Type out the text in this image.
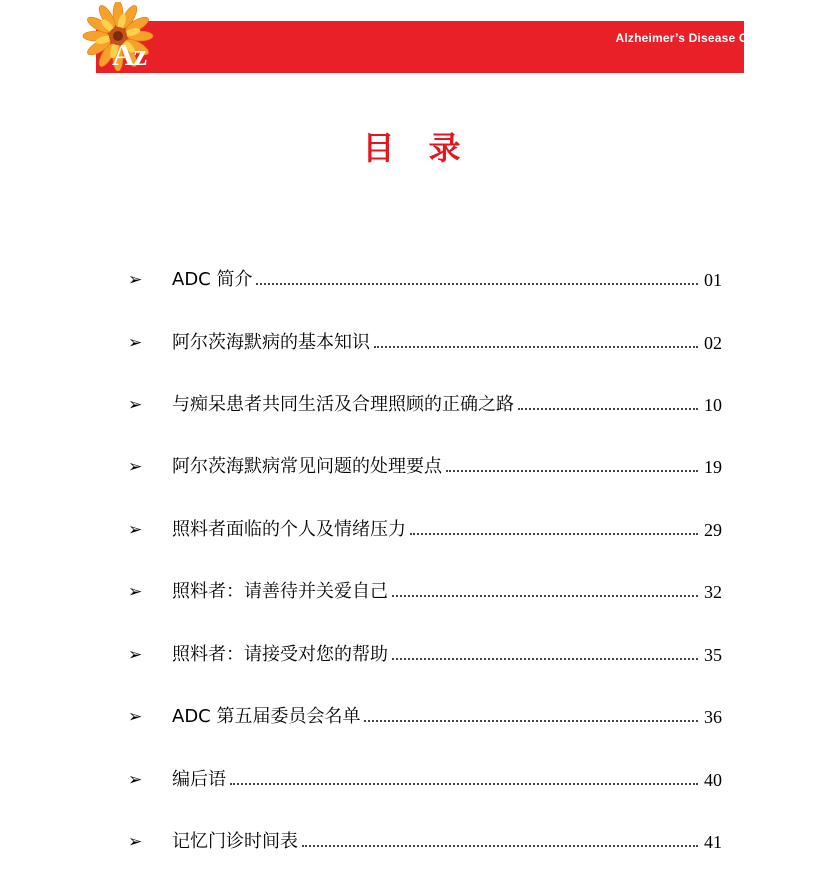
Alzheimer’s Disease Chinese
Az
目录
➢	ADC 简介	01
➢	阿尔茨海默病的基本知识	02
➢	与痴呆患者共同生活及合理照顾的正确之路	10
➢	阿尔茨海默病常见问题的处理要点	19
➢	照料者面临的个人及情绪压力	29
➢	照料者：请善待并关爱自己	32
➢	照料者：请接受对您的帮助	35
➢	ADC 第五届委员会名单	36
➢	编后语	40
➢	记忆门诊时间表	41
